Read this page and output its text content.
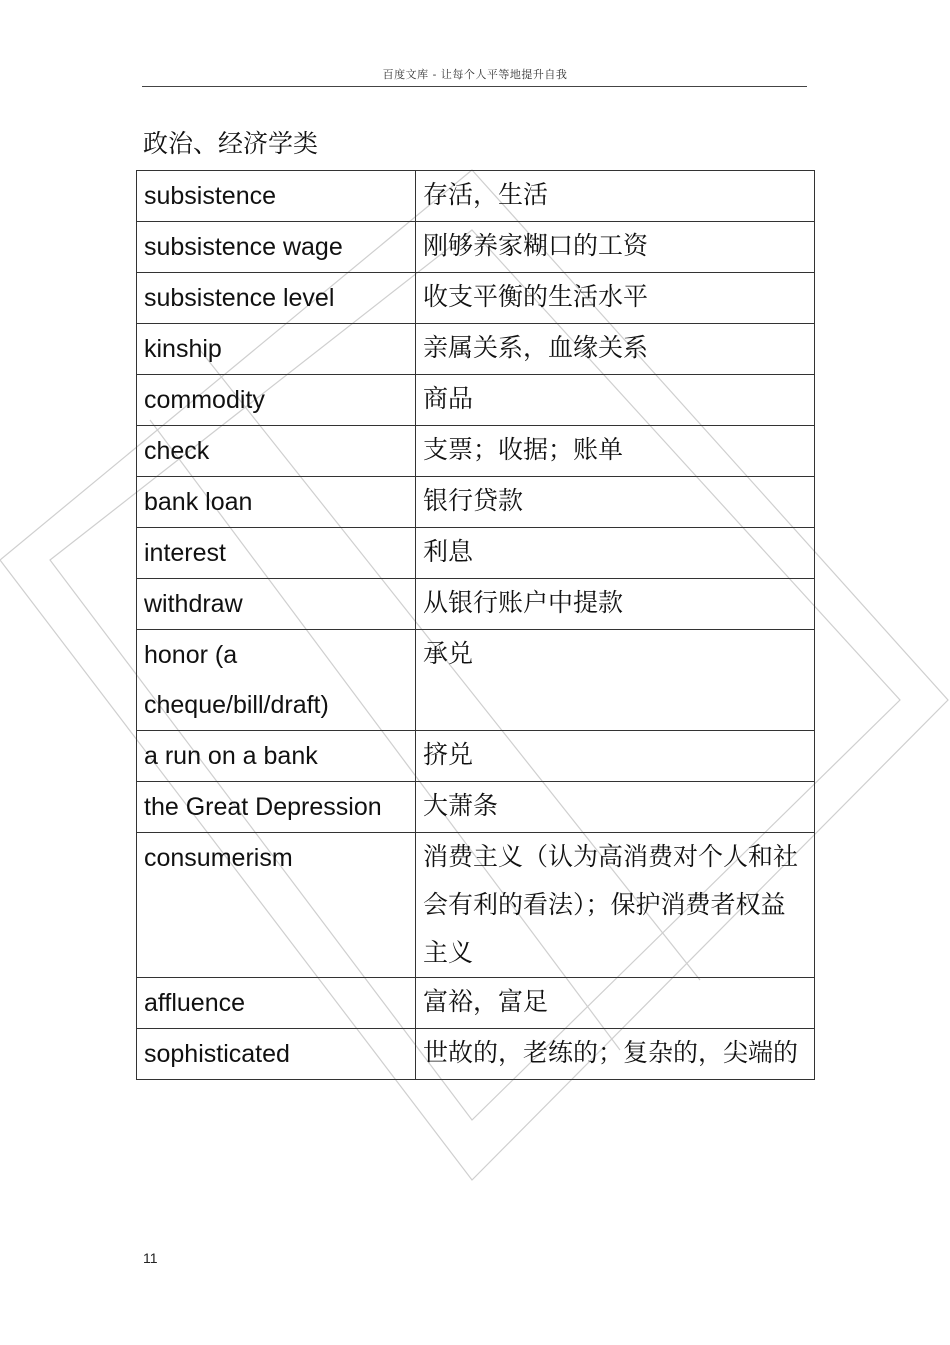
百度文库 - 让每个人平等地提升自我
政治、经济学类
subsistence	存活，生活
subsistence wage	刚够养家糊口的工资
subsistence level	收支平衡的生活水平
kinship	亲属关系，血缘关系
commodity	商品
check	支票；收据；账单
bank loan	银行贷款
interest	利息
withdraw	从银行账户中提款
honor (a cheque/bill/draft)	承兑
a run on a bank	挤兑
the Great Depression	大萧条
consumerism	消费主义（认为高消费对个人和社会有利的看法）；保护消费者权益主义
affluence	富裕，富足
sophisticated	世故的，老练的；复杂的，尖端的
11
